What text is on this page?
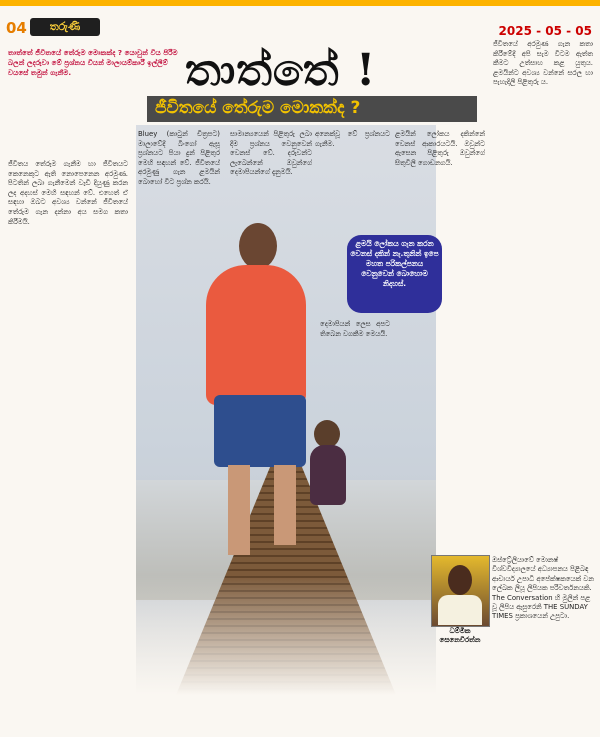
04	තරුණි	2025 - 05 - 05
තාත්තේ ජීවිතයේ තේරුම මොකක්ද ? යොවුන් විය පිරීම බලන් ලදරුවා මේ ප්‍රශ්නය වියන් මාලායම්කාරී ඉල්ලීම් වයසේ තමුන් ගැනීම.	තාත්තේ !
ජීවිතයේ තේරුම මොකක්ද ?

ජීවිතය තේරුම ගැනීම හා ජීවිතයට කෙනෙකුට ඇති නොපෙනෙන අරමුණ. පිටතින් ලබා ගැනීමෙන් වැඩි දියුණු කරන ලද අදහස් මෙහි සඳහන් වේ. එහෙත් ඒ සඳහා ඔබට අවශ්‍ය වන්නේ ජීවිතයේ තේරුම ගැන දන්නා අය සමග කතා කිරීමයි.

Bluey (කාටුන් චිත්‍රපට) මාලාවේදී බිංගෝ ඇසූ ප්‍රශ්නයට පියා දුන් පිළිතුර මෙහි සඳහන් වේ. ජීවිතයේ අරමුණු ගැන ළමයින් බොහෝ විට ප්‍රශ්න කරයි.

සාමාන්‍යයෙන් පිළිතුරු ලබා දීම ප්‍රශ්නය වෙනුවෙන් වෙනස් වේ. දරුවන්ට ලැබෙන්නේ ඔවුන්ගේ දෙමාපියන්ගේ දැනුමයි.

අනෙක්වූ වේ ප්‍රශ්නයට ගැනීම.

දෙමාපියන් ලෙස අපට තිබෙන වගකීම මෙයයි.

ළමයින් ලෝකය දකින්නේ වෙනස් ආකාරයටයි. ඔවුන්ට ඇසෙන පිළිතුරු ඔවුන්ගේ සිතුවිලි ගොඩනගයි.

ජීවිතයේ අරමුණ ගැන කතා කිරීමේදී අපි සැම විටම ඇත්ත කීමට උත්සාහ කළ යුතුය. ළමයින්ට අවශ්‍ය වන්නේ සරල හා පැහැදිලි පිළිතුරු ය.

ළමයි ලෝකය ගැන කරන වෙනස් දකින් නැ.තුනින් ඉපෙ මහත පරිකල්පනය වෙනුවෙන් බොහොම නිදහස්.
ධම්මික සෙනෙවිරත්න
ඔස්ට්‍රේලියාවේ මොනෂ් විශ්වවිද්‍යාලයේ අධ්‍යාපනය පිළිබඳ ආචාර්ය උපාධි අපේක්ෂකයෙක් වන ලේඛක ලියූ ලිපියක පරිවර්තනයකි. The Conversation හි මුලින් පළ වූ ලිපිය ඇසුරෙනි THE SUNDAY TIMES ප්‍රකාශයෙන් උපුටා.
